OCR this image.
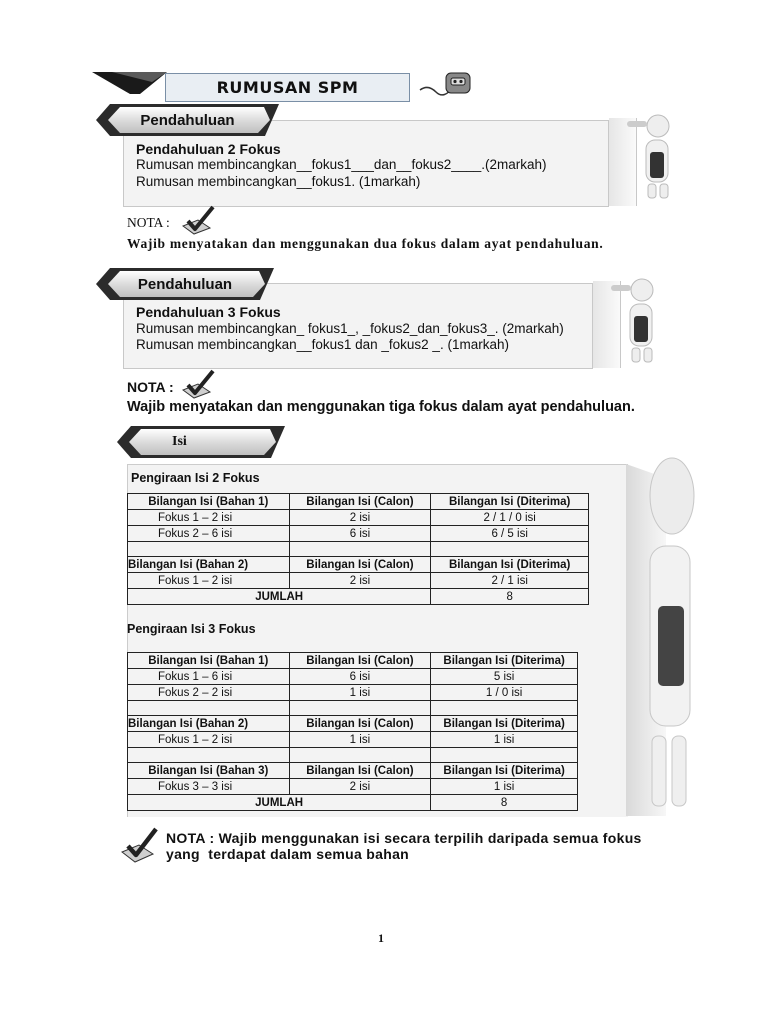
RUMUSAN SPM
Pendahuluan
Pendahuluan 2 Fokus
Rumusan membincangkan__fokus1___dan__fokus2____.(2markah)
Rumusan membincangkan__fokus1. (1markah)
NOTA :
Wajib menyatakan dan menggunakan dua fokus dalam ayat pendahuluan.
Pendahuluan
Pendahuluan 3 Fokus
Rumusan membincangkan_ fokus1_, _fokus2_dan_fokus3_. (2markah)
Rumusan membincangkan__fokus1 dan _fokus2 _. (1markah)
NOTA :
Wajib menyatakan dan menggunakan tiga fokus dalam ayat pendahuluan.
Isi
Pengiraan Isi 2 Fokus
Bilangan Isi (Bahan 1)	Bilangan Isi (Calon)	Bilangan Isi (Diterima)
Fokus 1 – 2 isi	2 isi	2 / 1 / 0 isi
Fokus 2 – 6 isi	6 isi	6 / 5 isi

Bilangan Isi (Bahan 2)	Bilangan Isi (Calon)	Bilangan Isi (Diterima)
Fokus 1 – 2 isi	2 isi	2 / 1 isi
JUMLAH		8
Pengiraan Isi 3 Fokus
Bilangan Isi (Bahan 1)	Bilangan Isi (Calon)	Bilangan Isi (Diterima)
Fokus 1 – 6 isi	6 isi	5 isi
Fokus 2 – 2 isi	1 isi	1 / 0 isi

Bilangan Isi (Bahan 2)	Bilangan Isi (Calon)	Bilangan Isi (Diterima)
Fokus 1 – 2 isi	1 isi	1 isi

Bilangan Isi (Bahan 3)	Bilangan Isi (Calon)	Bilangan Isi (Diterima)
Fokus 3 – 3 isi	2 isi	1 isi
JUMLAH		8
NOTA : Wajib menggunakan isi secara terpilih daripada semua fokus
yang  terdapat dalam semua bahan
1
